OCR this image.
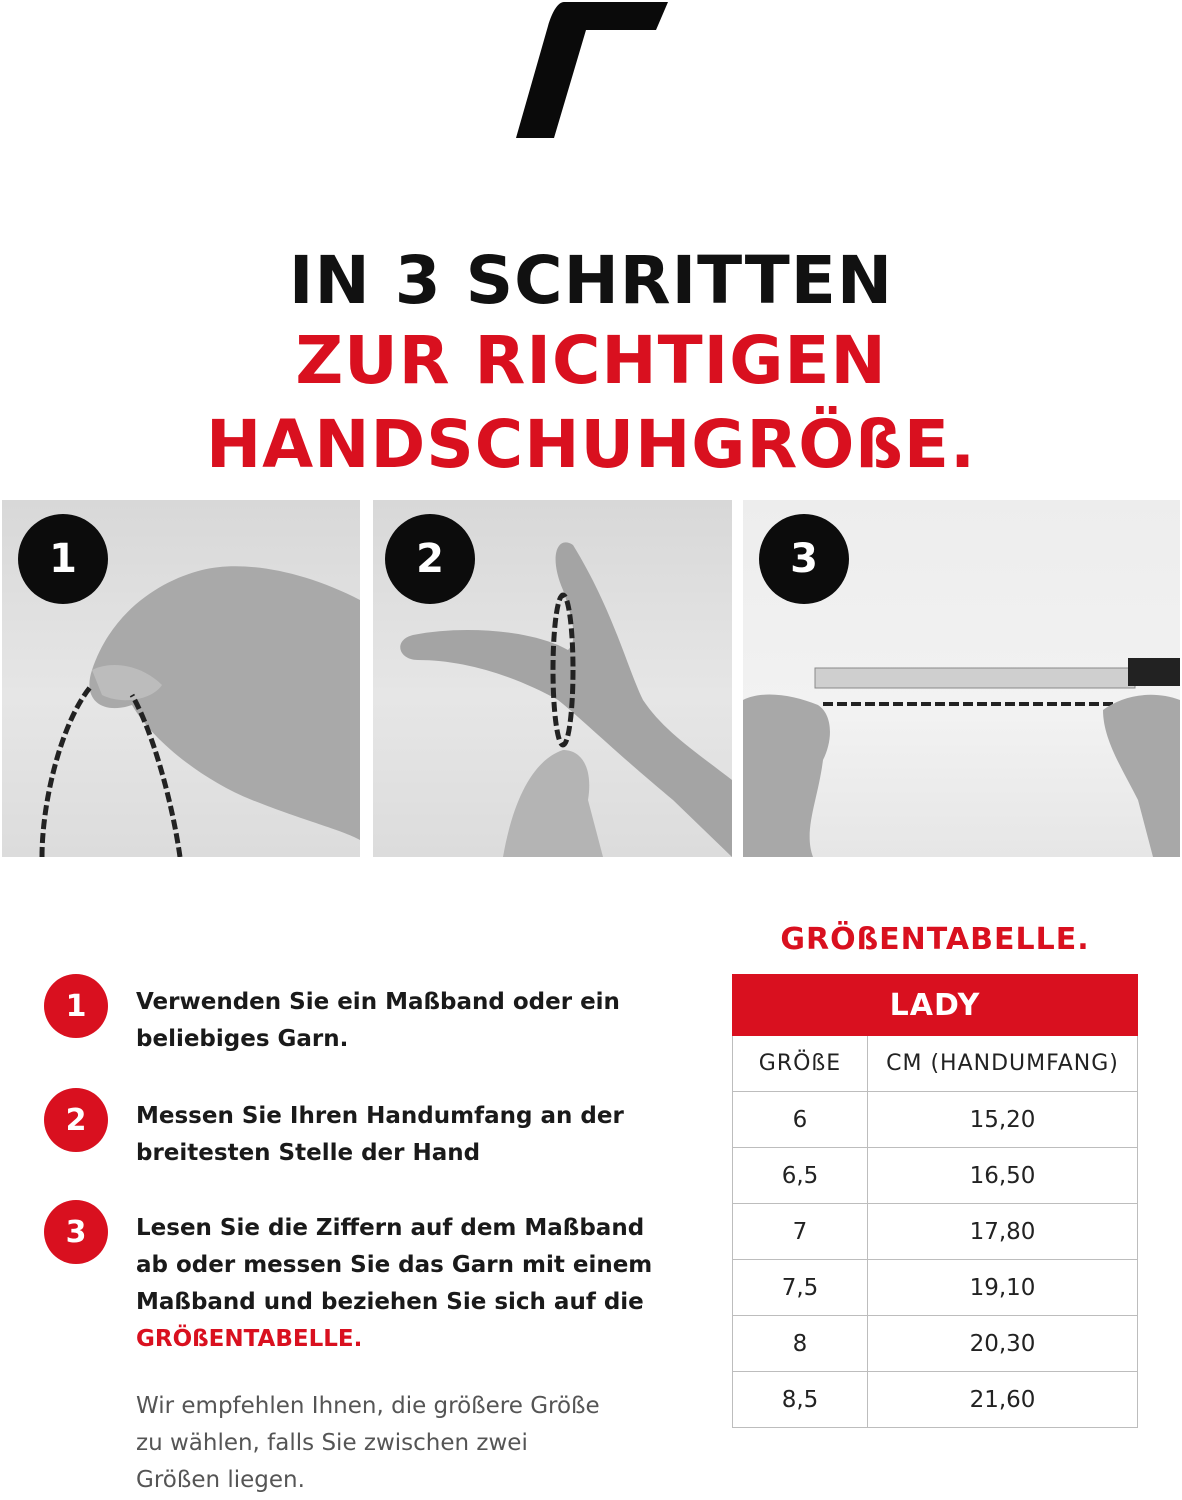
IN 3 SCHRITTEN
ZUR RICHTIGEN
HANDSCHUHGRÖßE.
1	2	3
1	Verwenden Sie ein Maßband oder ein beliebiges Garn.

2	Messen Sie Ihren Handumfang an der breitesten Stelle der Hand

3	Lesen Sie die Ziffern auf dem Maßband ab oder messen Sie das Garn mit einem Maßband und beziehen Sie sich auf die GRÖßENTABELLE.

Wir empfehlen Ihnen, die größere Größe zu wählen, falls Sie zwischen zwei Größen liegen.

GRÖßENTABELLE.
LADY	
GRÖßE	CM (HANDUMFANG)
6	15,20
6,5	16,50
7	17,80
7,5	19,10
8	20,30
8,5	21,60
